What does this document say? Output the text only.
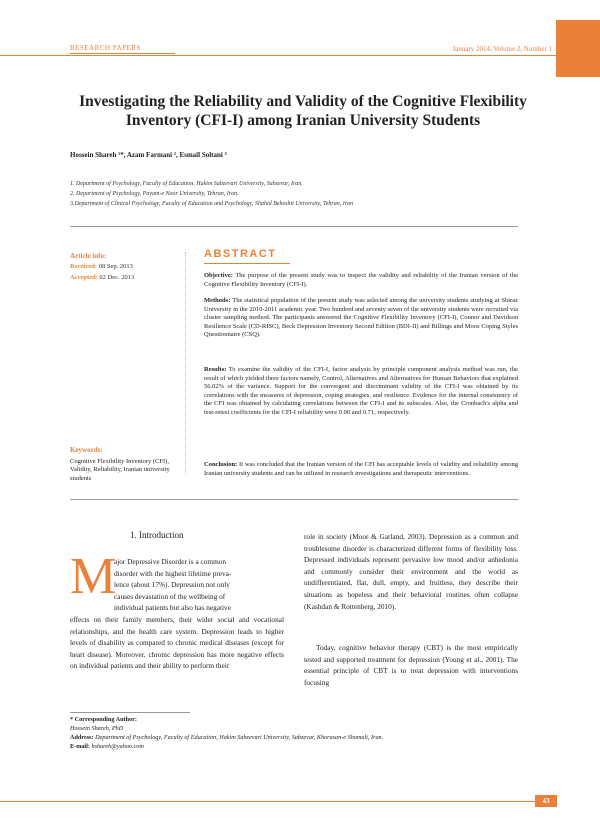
RESEARCH PAPERS	January 2014, Volume 2, Number 1
Investigating the Reliability and Validity of the Cognitive Flexibility Inventory (CFI-I) among Iranian University Students
Hossein Shareh ¹*, Azam Farmani ², Esmail Soltani ³
1. Department of Psychology, Faculty of Education, Hakim Sabzevari University, Sabzevar, Iran.
2. Department of Psychology, Payam-e Noor University, Tehran, Iran.
3.Department of Clinical Psychology, Faculty of Education and Psychology, Shahid Beheshti University, Tehran, Iran
Article info:
Received: 08 Sep. 2013
Accepted: 02 Dec. 2013
Keywords:
Cognitive Flexibility Inventory (CFI), Validity, Reliability, Iranian university students
ABSTRACT
Objective: The purpose of the present study was to inspect the validity and reliability of the Iranian version of the Cognitive Flexibility Inventory (CFI-I).
Methods: The statistical population of the present study was selected among the university students studying at Shiraz University in the 2010-2011 academic year. Two hundred and seventy seven of the university students were recruited via cluster sampling method. The participants answered the Cognitive Flexibility Inventory (CFI-I), Connor and Davidson Resilience Scale (CD-RISC), Beck Depression Inventory Second Edition (BDI-II) and Billings and Moos Coping Styles Questionnaire (CSQ).
Results: To examine the validity of the CFI-I, factor analysis by principle component analysis method was run, the result of which yielded three factors namely, Control, Alternatives and Alternatives for Human Behaviors that explained 56.02% of the variance. Support for the convergent and discriminant validity of the CFI-I was obtained by its correlations with the measures of depression, coping strategies, and resilience. Evidence for the internal consistency of the CFI was obtained by calculating correlations between the CFI-I and its subscales. Also, the Cronbach's alpha and test-retest coefficients for the CFI-I reliability were 0.90 and 0.71, respectively.
Conclusion: It was concluded that the Iranian version of the CFI has acceptable levels of validity and reliability among Iranian university students and can be utilized in research investigations and therapeutic interventions.
1. Introduction
M
ajor Depressive Disorder is a common
disorder with the highest lifetime preva-
lence (about 17%). Depression not only
causes devastation of the wellbeing of
individual patients but also has negative
effects on their family members, their wider social and vocational relationships, and the health care system. Depression leads to higher levels of disability as compared to chronic medical diseases (except for heart disease). Moreover, chronic depression has more negative effects on individual patients and their ability to perform their
role in society (Moor & Garland, 2003). Depression as a common and troublesome disorder is characterized different forms of flexibility loss. Depressed individuals represent pervasive low mood and/or anhedonia and commonly consider their environment and the world as undifferentiated, flat, dull, empty, and fruitless, they describe their situations as hopeless and their behavioral routines often collapse (Kashdan & Rottenberg, 2010).
Today, cognitive behavior therapy (CBT) is the most empirically tested and supported treatment for depression (Young et al., 2001). The essential principle of CBT is to treat depression with interventions focusing
* Corresponding Author:
Hossein Shareh, PhD
Address: Department of Psychology, Faculty of Education, Hakim Sabzevari University, Sabzevar, Khorasan-e Shomali, Iran.
E-mail: hshareh@yahoo.com
43
